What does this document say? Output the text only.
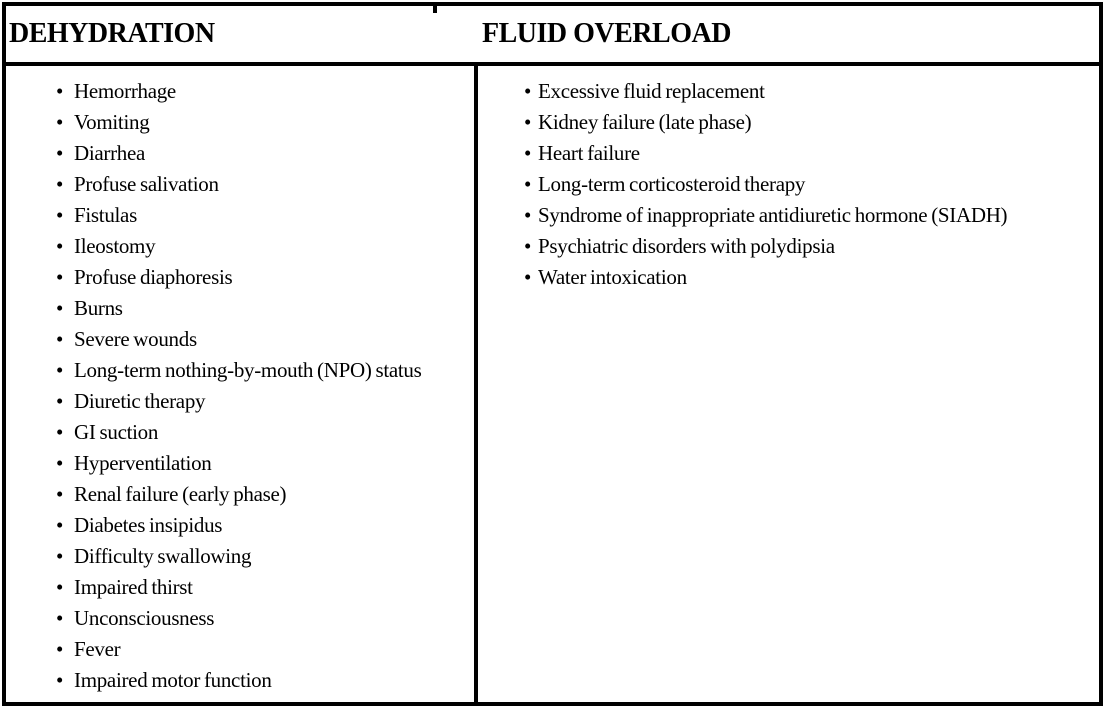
DEHYDRATION	FLUID OVERLOAD
• Hemorrhage
• Vomiting
• Diarrhea
• Profuse salivation
• Fistulas
• Ileostomy
• Profuse diaphoresis
• Burns
• Severe wounds
• Long-term nothing-by-mouth (NPO) status
• Diuretic therapy
• GI suction
• Hyperventilation
• Renal failure (early phase)
• Diabetes insipidus
• Difficulty swallowing
• Impaired thirst
• Unconsciousness
• Fever
• Impaired motor function
• Excessive fluid replacement
• Kidney failure (late phase)
• Heart failure
• Long-term corticosteroid therapy
• Syndrome of inappropriate antidiuretic hormone (SIADH)
• Psychiatric disorders with polydipsia
• Water intoxication
